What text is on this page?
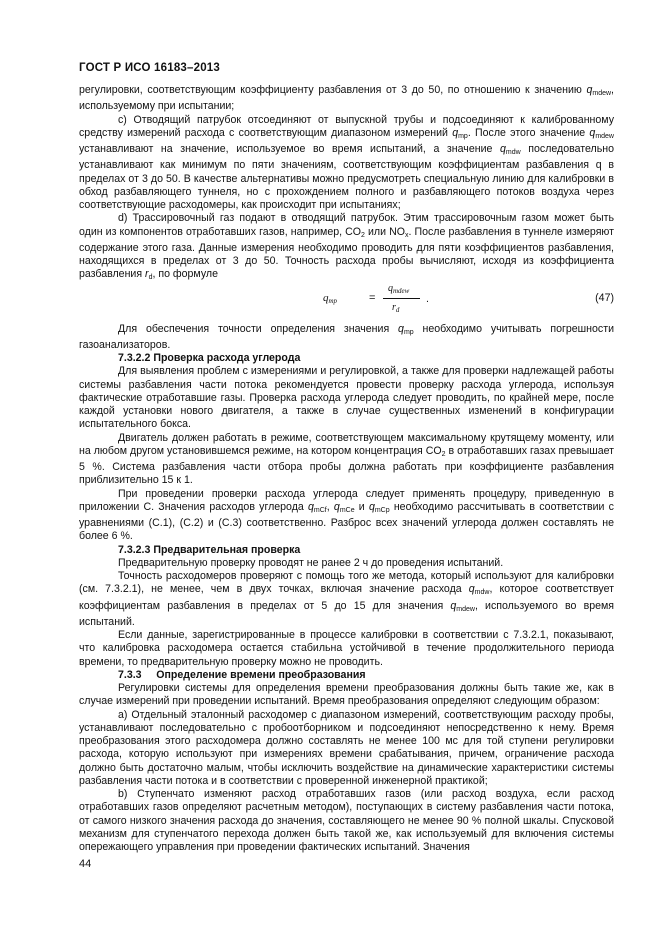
ГОСТ Р ИСО 16183–2013

регулировки, соответствующим коэффициенту разбавления от 3 до 50, по отношению к значению $q_{mdew}$, используемому при испытании;

c) Отводящий патрубок отсоединяют от выпускной трубы и подсоединяют к калиброванному средству измерений расхода с соответствующим диапазоном измерений $q_{mp}$. После этого значение $q_{mdew}$ устанавливают на значение, используемое во время испытаний, а значение $q_{mdw}$ последовательно устанавливают как минимум по пяти значениям, соответствующим коэффициентам разбавления q в пределах от 3 до 50. В качестве альтернативы можно предусмотреть специальную линию для калибровки в обход разбавляющего туннеля, но с прохождением полного и разбавляющего потоков воздуха через соответствующие расходомеры, как происходит при испытаниях;

d) Трассировочный газ подают в отводящий патрубок. Этим трассировочным газом может быть один из компонентов отработавших газов, например, $CO_2$ или $NO_x$. После разбавления в туннеле измеряют содержание этого газа. Данные измерения необходимо проводить для пяти коэффициентов разбавления, находящихся в пределах от 3 до 50. Точность расхода пробы вычисляют, исходя из коэффициента разбавления $r_d$, по формуле

$q_{mp}$	=
$q_{mdew}$
$r_d$
.	(47)

Для обеспечения точности определения значения $q_{mp}$ необходимо учитывать погрешности газоанализаторов.

7.3.2.2 Проверка расхода углерода

Для выявления проблем с измерениями и регулировкой, а также для проверки надлежащей работы системы разбавления части потока рекомендуется провести проверку расхода углерода, используя фактические отработавшие газы. Проверка расхода углерода следует проводить, по крайней мере, после каждой установки нового двигателя, а также в случае существенных изменений в конфигурации испытательного бокса.

Двигатель должен работать в режиме, соответствующем максимальному крутящему моменту, или на любом другом установившемся режиме, на котором концентрация $CO_2$ в отработавших газах превышает 5 %. Система разбавления части отбора пробы должна работать при коэффициенте разбавления приблизительно 15 к 1.

При проведении проверки расхода углерода следует применять процедуру, приведенную в приложении С. Значения расходов углерода $q_{mCf}$, $q_{mCe}$ и $q_{mCp}$ необходимо рассчитывать в соответствии с уравнениями (С.1), (С.2) и (С.3) соответственно. Разброс всех значений углерода должен составлять не более 6 %.

7.3.2.3 Предварительная проверка

Предварительную проверку проводят не ранее 2 ч до проведения испытаний.

Точность расходомеров проверяют с помощь того же метода, который используют для калибровки (см. 7.3.2.1), не менее, чем в двух точках, включая значение расхода $q_{mdw}$, которое соответствует коэффициентам разбавления в пределах от 5 до 15 для значения $q_{mdew}$, используемого во время испытаний.

Если данные, зарегистрированные в процессе калибровки в соответствии с 7.3.2.1, показывают, что калибровка расходомера остается стабильна устойчивой в течение продолжительного периода времени, то предварительную проверку можно не проводить.

7.3.3     Определение времени преобразования

Регулировки системы для определения времени преобразования должны быть такие же, как в случае измерений при проведении испытаний. Время преобразования определяют следующим образом:

a) Отдельный эталонный расходомер с диапазоном измерений, соответствующим расходу пробы, устанавливают последовательно с пробоотборником и подсоединяют непосредственно к нему. Время преобразования этого расходомера должно составлять не менее 100 мс для той ступени регулировки расхода, которую используют при измерениях времени срабатывания, причем, ограничение расхода должно быть достаточно малым, чтобы исключить воздействие на динамические характеристики системы разбавления части потока и в соответствии с проверенной инженерной практикой;

b) Ступенчато изменяют расход отработавших газов (или расход воздуха, если расход отработавших газов определяют расчетным методом), поступающих в систему разбавления части потока, от самого низкого значения расхода до значения, составляющего не менее 90 % полной шкалы. Спусковой механизм для ступенчатого перехода должен быть такой же, как используемый для включения системы опережающего управления при проведении фактических испытаний. Значения

44
